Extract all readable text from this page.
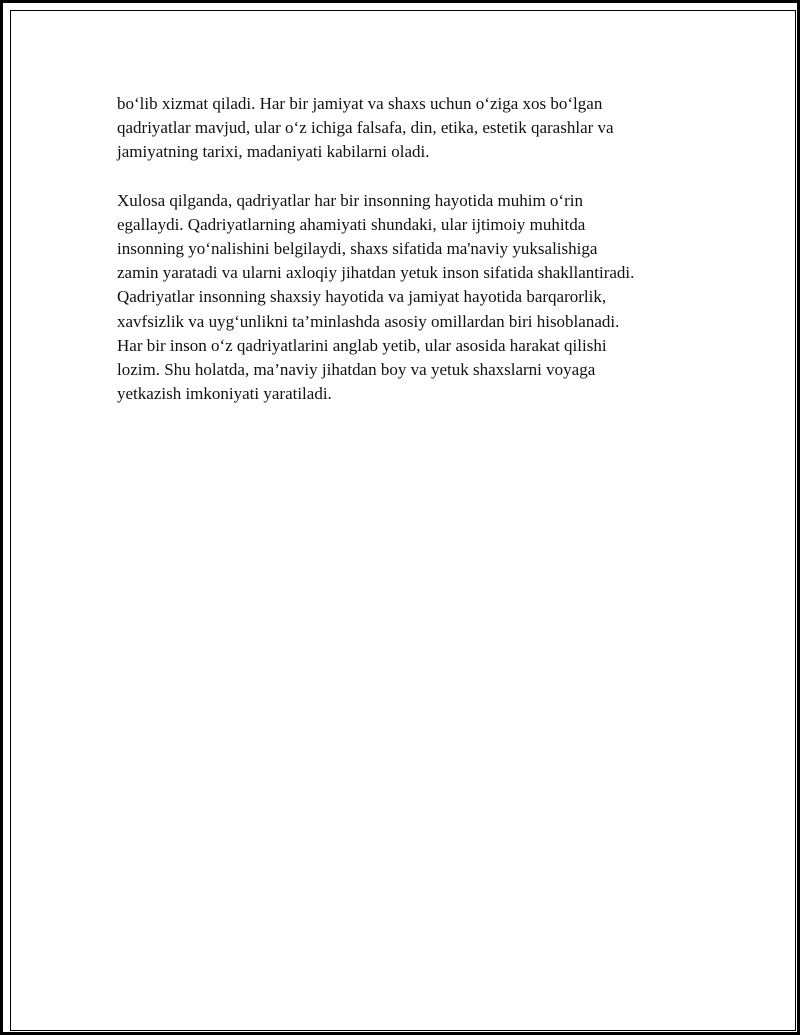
bo‘lib xizmat qiladi. Har bir jamiyat va shaxs uchun o‘ziga xos bo‘lgan
qadriyatlar mavjud, ular o‘z ichiga falsafa, din, etika, estetik qarashlar va
jamiyatning tarixi, madaniyati kabilarni oladi.

Xulosa qilganda, qadriyatlar har bir insonning hayotida muhim o‘rin
egallaydi. Qadriyatlarning ahamiyati shundaki, ular ijtimoiy muhitda
insonning yo‘nalishini belgilaydi, shaxs sifatida ma'naviy yuksalishiga
zamin yaratadi va ularni axloqiy jihatdan yetuk inson sifatida shakllantiradi.
Qadriyatlar insonning shaxsiy hayotida va jamiyat hayotida barqarorlik,
xavfsizlik va uyg‘unlikni ta’minlashda asosiy omillardan biri hisoblanadi.
Har bir inson o‘z qadriyatlarini anglab yetib, ular asosida harakat qilishi
lozim. Shu holatda, ma’naviy jihatdan boy va yetuk shaxslarni voyaga
yetkazish imkoniyati yaratiladi.
